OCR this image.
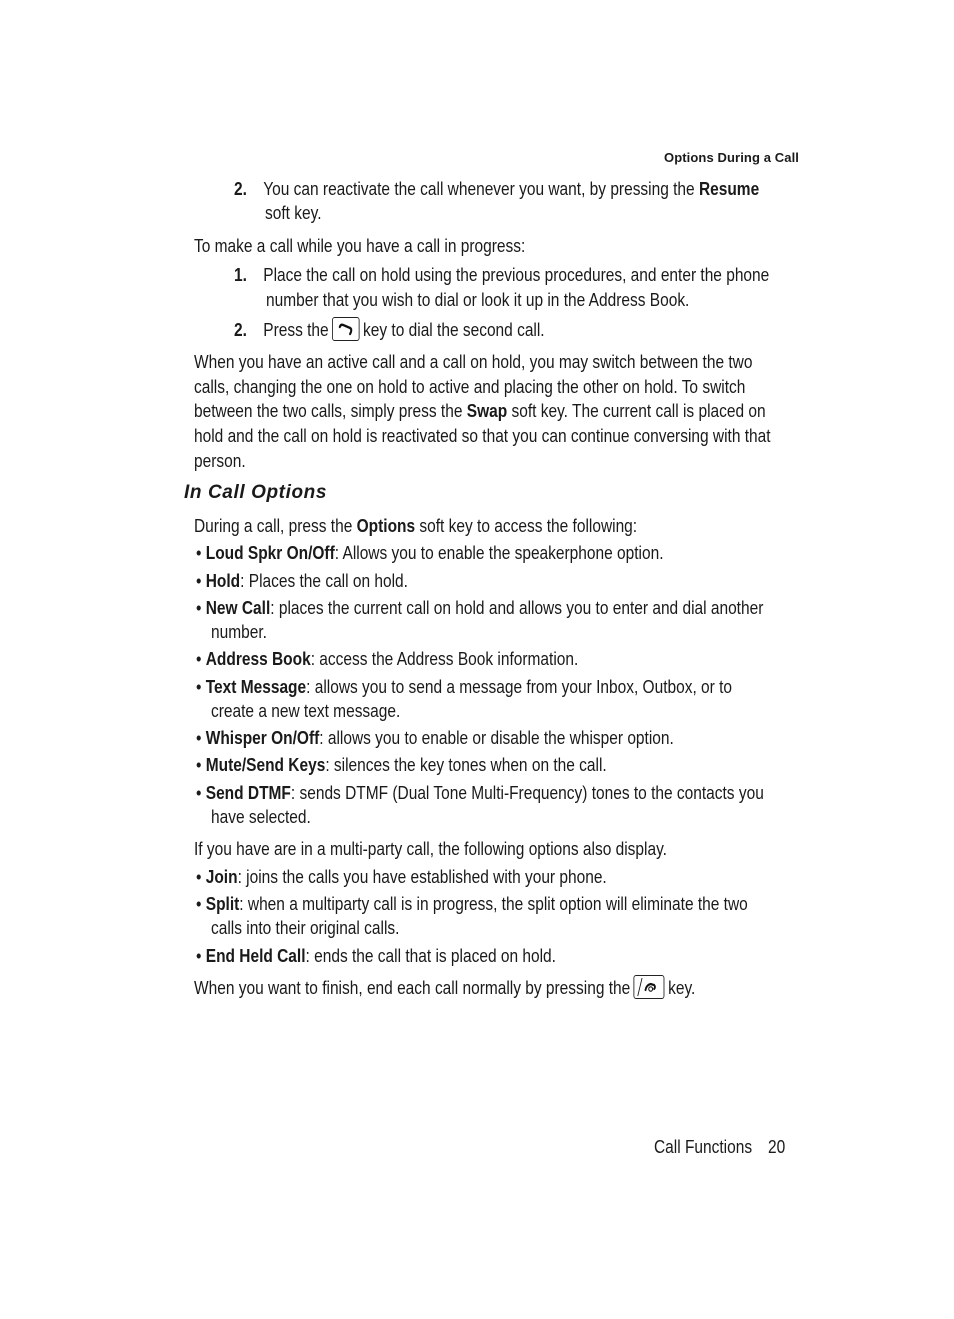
Options During a Call
2. You can reactivate the call whenever you want, by pressing the Resume
soft key.
To make a call while you have a call in progress:
1. Place the call on hold using the previous procedures, and enter the phone
number that you wish to dial or look it up in the Address Book.
2. Press the key to dial the second call.
When you have an active call and a call on hold, you may switch between the two
calls, changing the one on hold to active and placing the other on hold. To switch
between the two calls, simply press the Swap soft key. The current call is placed on
hold and the call on hold is reactivated so that you can continue conversing with that
person.
In Call Options
During a call, press the Options soft key to access the following:
• Loud Spkr On/Off: Allows you to enable the speakerphone option.
• Hold: Places the call on hold.
• New Call: places the current call on hold and allows you to enter and dial another
number.
• Address Book: access the Address Book information.
• Text Message: allows you to send a message from your Inbox, Outbox, or to
create a new text message.
• Whisper On/Off: allows you to enable or disable the whisper option.
• Mute/Send Keys: silences the key tones when on the call.
• Send DTMF: sends DTMF (Dual Tone Multi-Frequency) tones to the contacts you
have selected.
If you have are in a multi-party call, the following options also display.
• Join: joins the calls you have established with your phone.
• Split: when a multiparty call is in progress, the split option will eliminate the two
calls into their original calls.
• End Held Call: ends the call that is placed on hold.
When you want to finish, end each call normally by pressing the key.
Call Functions 20
